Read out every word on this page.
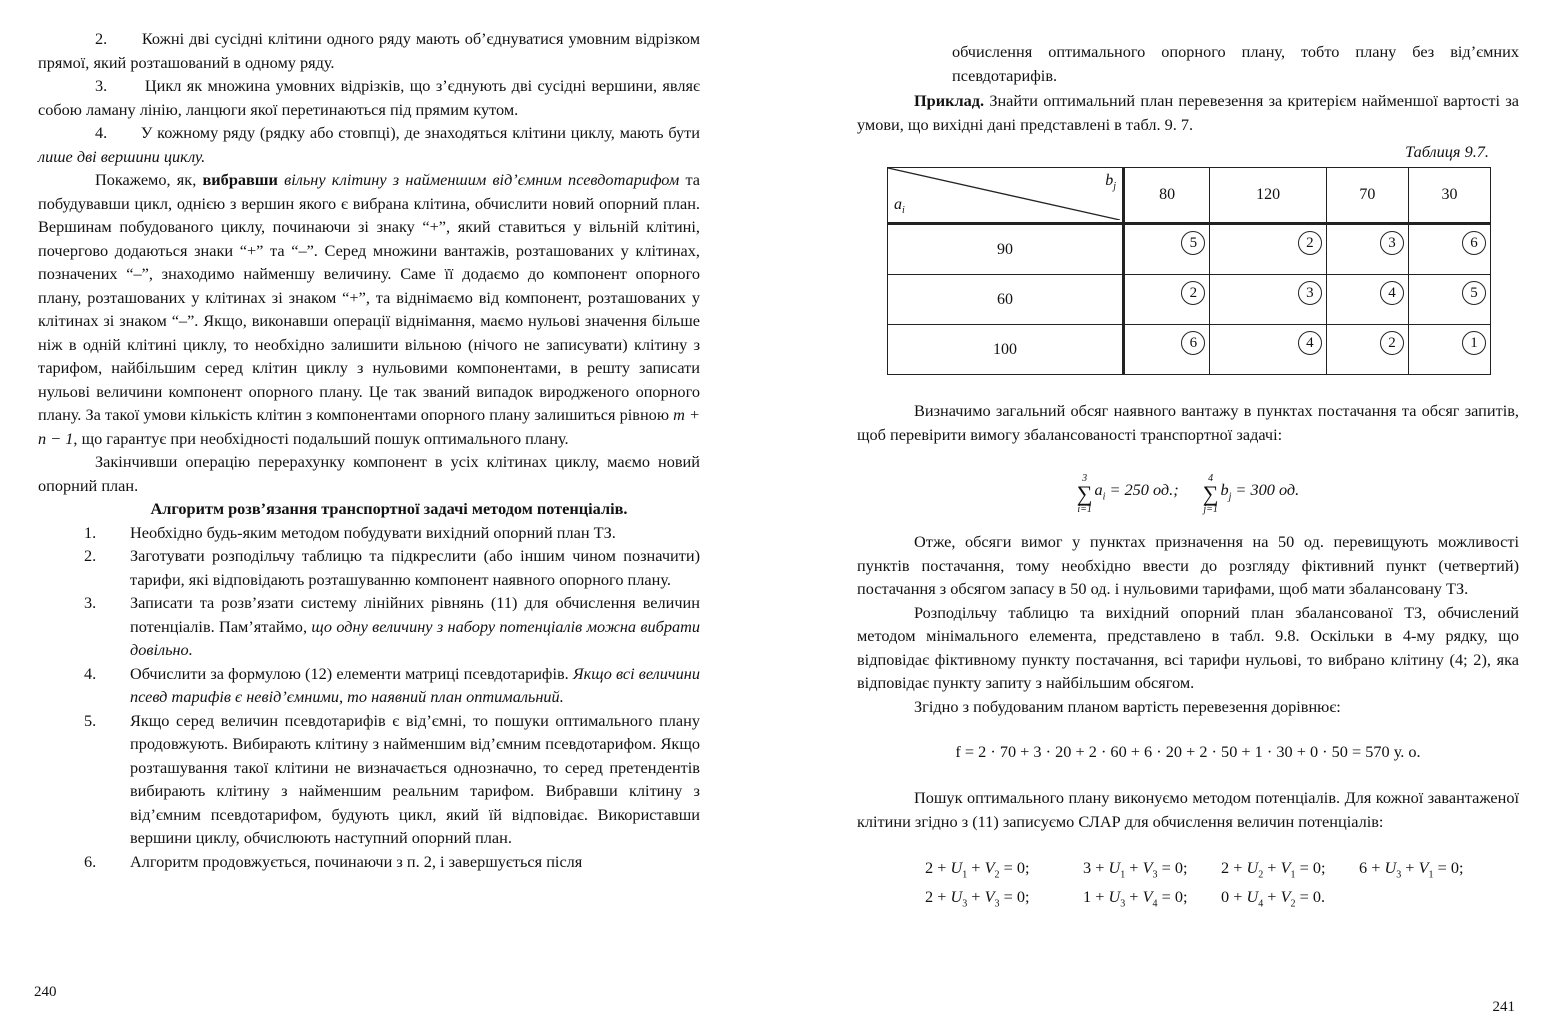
2. Кожні дві сусідні клітини одного ряду мають об’єднуватися умовним відрізком прямої, який розташований в одному ряду.

3. Цикл як множина умовних відрізків, що з’єднують дві сусідні вершини, являє собою ламану лінію, ланцюги якої перетинаються під прямим кутом.

4. У кожному ряду (рядку або стовпці), де знаходяться клітини циклу, мають бути лише дві вершини циклу.

Покажемо, як, вибравши вільну клітину з найменшим від’ємним псевдотарифом та побудувавши цикл, однією з вершин якого є вибрана клітина, обчислити новий опорний план. Вершинам побудованого циклу, починаючи зі знаку “+”, який ставиться у вільній клітині, почергово додаються знаки “+” та “–”. Серед множини вантажів, розташованих у клітинах, позначених “–”, знаходимо найменшу величину. Саме її додаємо до компонент опорного плану, розташованих у клітинах зі знаком “+”, та віднімаємо від компонент, розташованих у клітинах зі знаком “–”. Якщо, виконавши операції віднімання, маємо нульові значення більше ніж в одній клітині циклу, то необхідно залишити вільною (нічого не записувати) клітину з тарифом, найбільшим серед клітин циклу з нульовими компонентами, в решту записати нульові величини компонент опорного плану. Це так званий випадок виродженого опорного плану. За такої умови кількість клітин з компонентами опорного плану залишиться рівною m + n − 1, що гарантує при необхідності подальший пошук оптимального плану.

Закінчивши операцію перерахунку компонент в усіх клітинах циклу, маємо новий опорний план.

Алгоритм розв’язання транспортної задачі методом потенціалів.
1.	Необхідно будь-яким методом побудувати вихідний опорний план ТЗ.
2.	Заготувати розподільчу таблицю та підкреслити (або іншим чином позначити) тарифи, які відповідають розташуванню компонент наявного опорного плану.
3.	Записати та розв’язати систему лінійних рівнянь (11) для обчислення величин потенціалів. Пам’ятаймо, що одну величину з набору потенціалів можна вибрати довільно.
4.	Обчислити за формулою (12) елементи матриці псевдотарифів. Якщо всі величини псевд тарифів є невід’ємними, то наявний план оптимальний.
5.	Якщо серед величин псевдотарифів є від’ємні, то пошуки оптимального плану продовжують. Вибирають клітину з найменшим від’ємним псевдотарифом. Якщо розташування такої клітини не визначається однозначно, то серед претендентів вибирають клітину з найменшим реальним тарифом. Вибравши клітину з від’ємним псевдотарифом, будують цикл, який їй відповідає. Використавши вершини циклу, обчислюють наступний опорний план.
6.	Алгоритм продовжується, починаючи з п. 2, і завершується після
240

обчислення оптимального опорного плану, тобто плану без від’ємних псевдотарифів.

Приклад. Знайти оптимальний план перевезення за критерієм найменшої вартості за умови, що вихідні дані представлені в табл. 9. 7.

Таблиця 9.7.
$a_i$
$b_j$	80	120	70	30
90	5	2	3	6

60	2	3	4	5

100	6	4	2	1

Визначимо загальний обсяг наявного вантажу в пунктах постачання та обсяг запитів, щоб перевірити вимогу збалансованості транспортної задачі:

3
∑
i=1
$a_i = 250$ од.;

4
∑
j=1
$b_j = 300$ од.

Отже, обсяги вимог у пунктах призначення на 50 од. перевищують можливості пунктів постачання, тому необхідно ввести до розгляду фіктивний пункт (четвертий) постачання з обсягом запасу в 50 од. і нульовими тарифами, щоб мати збалансовану ТЗ.

Розподільчу таблицю та вихідний опорний план збалансованої ТЗ, обчислений методом мінімального елемента, представлено в табл. 9.8. Оскільки в 4-му рядку, що відповідає фіктивному пункту постачання, всі тарифи нульові, то вибрано клітину (4; 2), яка відповідає пункту запиту з найбільшим обсягом.

Згідно з побудованим планом вартість перевезення дорівнює:

f = 2 · 70 + 3 · 20 + 2 · 60 + 6 · 20 + 2 · 50 + 1 · 30 + 0 · 50 = 570 у. о.

Пошук оптимального плану виконуємо методом потенціалів. Для кожної завантаженої клітини згідно з (11) записуємо СЛАР для обчислення величин потенціалів:

$2 + U_1 + V_2 = 0$;	$3 + U_1 + V_3 = 0$;	$2 + U_2 + V_1 = 0$;	$6 + U_3 + V_1 = 0$;
$2 + U_3 + V_3 = 0$;	$1 + U_3 + V_4 = 0$;	$0 + U_4 + V_2 = 0$.
241
